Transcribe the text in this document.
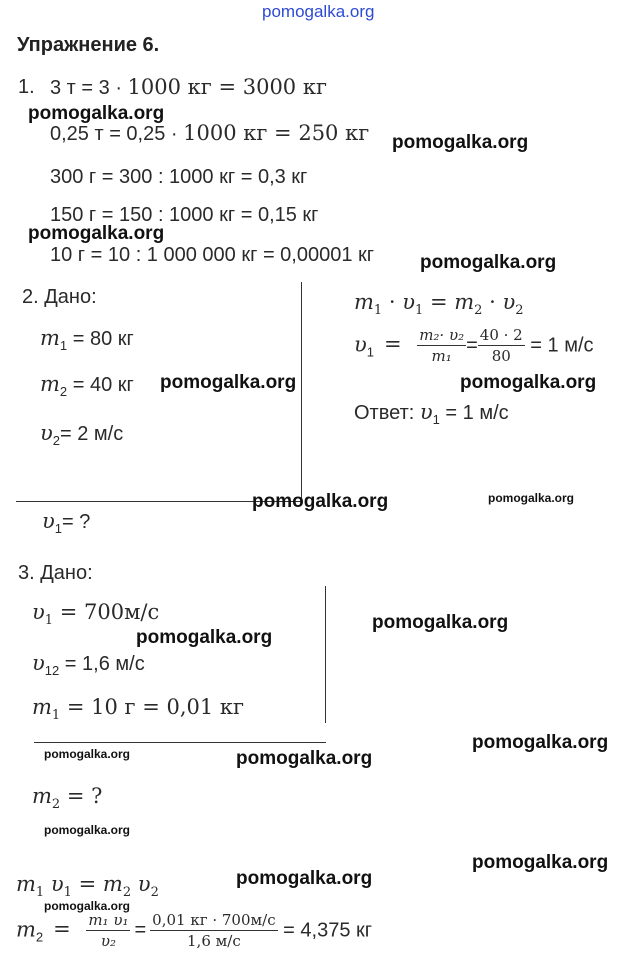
pomogalka.org
Упражнение 6.
1. 3 т = 3 · 1000 кг = 3000 кг
pomogalka.org
0,25 т = 0,25 · 1000 кг = 250 кг pomogalka.org
300 г = 300 : 1000 кг = 0,3 кг
150 г = 150 : 1000 кг = 0,15 кг
pomogalka.org
10 г = 10 : 1 000 000 кг = 0,00001 кг pomogalka.org
2. Дано:
$m_1 = 80$ кг
$m_2 = 40$ кг pomogalka.org
$\upsilon_2= 2$ м/с
pomogalka.org	pomogalka.org
$\upsilon_1=$ ?
$m_1 \cdot \upsilon_1 = m_2 \cdot \upsilon_2$
$\upsilon_1 = \frac{\text{m₂· υ₂}}{\text{m₁}} = \frac{40 \cdot 2}{80} = 1$ м/с
pomogalka.org
Ответ: $\upsilon_1 = 1$ м/с
3. Дано:
$\upsilon_1 = 700м/с$
pomogalka.org
pomogalka.org
$\upsilon_{12} = 1,6$ м/с
$m_1 = 10$ г = 0,01 кг
pomogalka.org
pomogalka.org	pomogalka.org
$m_2$ = ?
pomogalka.org
pomogalka.org
$m_1$ $\upsilon_1 = m_2$ $\upsilon_2$
pomogalka.org
pomogalka.org
$m_2 = \frac{\text{m₁ υ₁}}{\text{υ₂}} = \frac{0,01 кг \cdot 700м/с}{1,6 м/с} = 4,375$ кг
